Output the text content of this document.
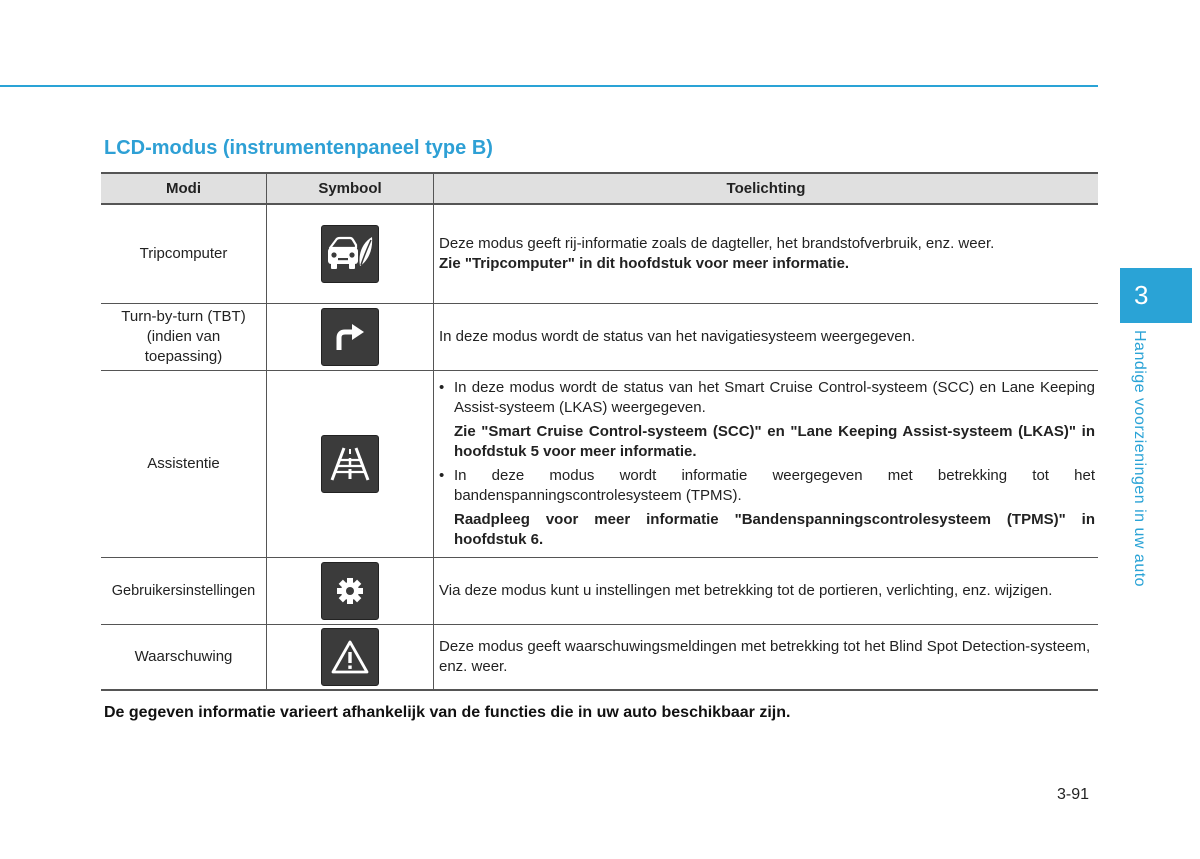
LCD-modus (instrumentenpaneel type B)
Modi	Symbool	Toelichting
Tripcomputer		Deze modus geeft rij-informatie zoals de dagteller, het brandstofverbruik, enz. weer.
Zie "Tripcomputer" in dit hoofdstuk voor meer informatie.

Turn-by-turn (TBT)
(indien van
toepassing)		In deze modus wordt de status van het navigatiesysteem weergegeven.

Assistentie		• In deze modus wordt de status van het Smart Cruise Control-systeem (SCC) en Lane Keeping Assist-systeem (LKAS) weergegeven.
Zie "Smart Cruise Control-systeem (SCC)" en "Lane Keeping Assist-systeem (LKAS)" in hoofdstuk 5 voor meer informatie.
• In deze modus wordt informatie weergegeven met betrekking tot het bandenspanningscontrolesysteem (TPMS).
Raadpleeg voor meer informatie "Bandenspanningscontrolesysteem (TPMS)" in hoofdstuk 6.

Gebruikersinstellingen		Via deze modus kunt u instellingen met betrekking tot de portieren, verlichting, enz. wijzigen.

Waarschuwing		Deze modus geeft waarschuwingsmeldingen met betrekking tot het Blind Spot Detection-systeem, enz. weer.

De gegeven informatie varieert afhankelijk van de functies die in uw auto beschikbaar zijn.

3
Handige voorzieningen in uw auto
3-91
